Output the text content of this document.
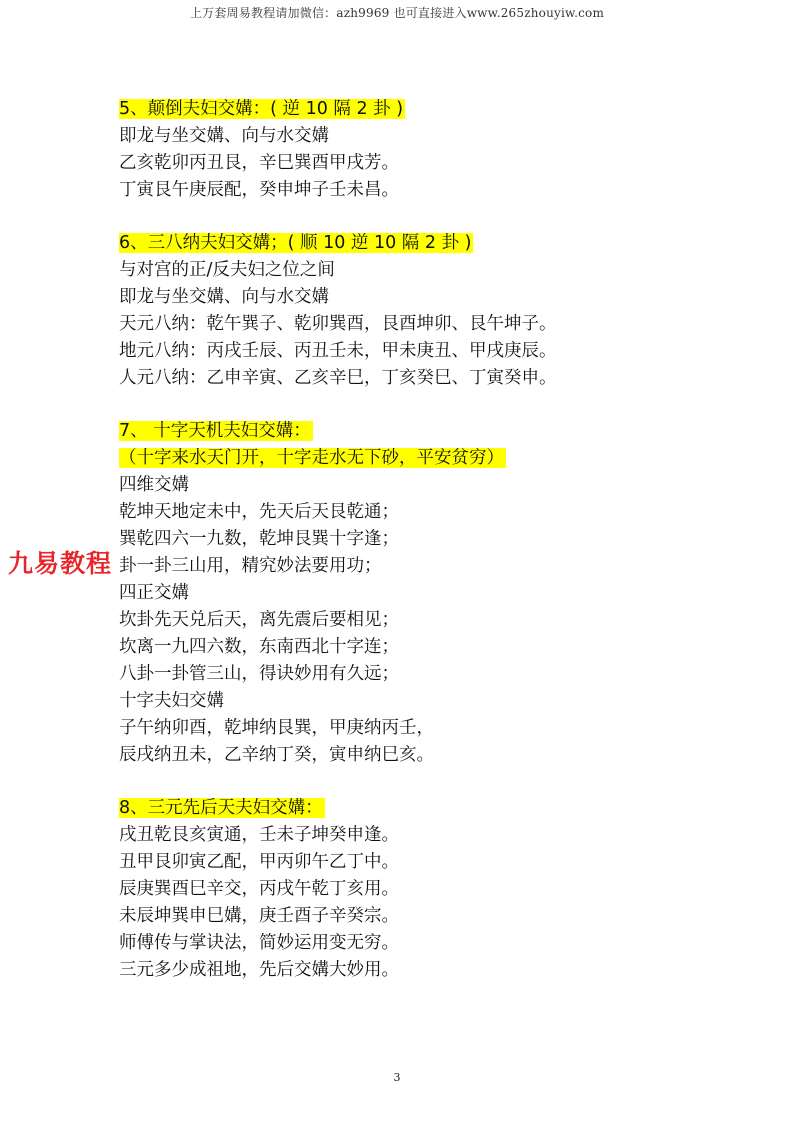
上万套周易教程请加微信：azh9969 也可直接进入www.265zhouyiw.com
5、颠倒夫妇交媾：( 逆 10 隔 2 卦 )
即龙与坐交媾、向与水交媾
乙亥乾卯丙丑艮，辛巳巽酉甲戌芳。
丁寅艮午庚辰配，癸申坤子壬未昌。
6、三八纳夫妇交媾；( 顺 10 逆 10 隔 2 卦 )
与对宫的正/反夫妇之位之间
即龙与坐交媾、向与水交媾
天元八纳：乾午巽子、乾卯巽酉，艮酉坤卯、艮午坤子。
地元八纳：丙戌壬辰、丙丑壬未，甲未庚丑、甲戌庚辰。
人元八纳：乙申辛寅、乙亥辛巳，丁亥癸巳、丁寅癸申。
7、 十字天机夫妇交媾：
（十字来水天门开，十字走水无下砂，平安贫穷）
四维交媾
乾坤天地定未中，先天后天艮乾通；
巽乾四六一九数，乾坤艮巽十字逢；
卦一卦三山用，精究妙法要用功；
四正交媾
坎卦先天兑后天，离先震后要相见；
坎离一九四六数，东南西北十字连；
八卦一卦管三山，得诀妙用有久远；
十字夫妇交媾
子午纳卯酉，乾坤纳艮巽，甲庚纳丙壬，
辰戌纳丑未，乙辛纳丁癸，寅申纳巳亥。
8、三元先后天夫妇交媾：
戌丑乾艮亥寅通，壬未子坤癸申逢。
丑甲艮卯寅乙配，甲丙卯午乙丁中。
辰庚巽酉巳辛交，丙戌午乾丁亥用。
未辰坤巽申巳媾，庚壬酉子辛癸宗。
师傅传与掌诀法，简妙运用变无穷。
三元多少成祖地，先后交媾大妙用。
九易教程
3
